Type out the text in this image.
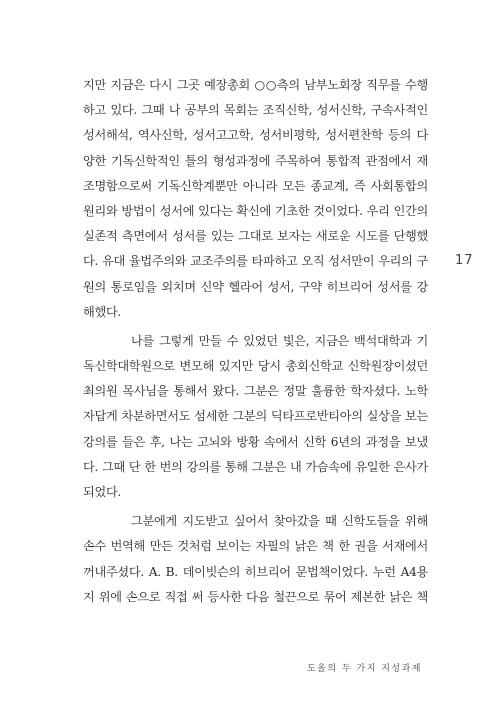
지만 지금은 다시 그곳 예장총회 ○○측의 남부노회장 직무를 수행
하고 있다. 그때 나 공부의 목회는 조직신학, 성서신학, 구속사적인
성서해석, 역사신학, 성서고고학, 성서비평학, 성서편찬학 등의 다
양한 기독신학적인 틀의 형성과정에 주목하여 통합적 관점에서 재
조명함으로써 기독신학계뿐만 아니라 모든 종교계, 즉 사회통합의
원리와 방법이 성서에 있다는 확신에 기초한 것이었다. 우리 인간의
실존적 측면에서 성서를 있는 그대로 보자는 새로운 시도를 단행했
다. 유대 율법주의와 교조주의를 타파하고 오직 성서만이 우리의 구
원의 통로임을 외치며 신약 헬라어 성서, 구약 히브리어 성서를 강
해했다.
나를 그렇게 만들 수 있었던 빛은, 지금은 백석대학과 기
독신학대학원으로 변모해 있지만 당시 총회신학교 신학원장이셨던
최의원 목사님을 통해서 왔다. 그분은 정말 훌륭한 학자셨다. 노학
자답게 차분하면서도 섬세한 그분의 딕타프로반티아의 실상을 보는
강의를 들은 후, 나는 고뇌와 방황 속에서 신학 6년의 과정을 보냈
다. 그때 단 한 번의 강의를 통해 그분은 내 가슴속에 유일한 은사가
되었다.
그분에게 지도받고 싶어서 찾아갔을 때 신학도들을 위해
손수 번역해 만든 것처럼 보이는 자필의 낡은 책 한 권을 서재에서
꺼내주셨다. A. B. 데이빗슨의 히브리어 문법책이었다. 누런 A4용
지 위에 손으로 직접 써 등사한 다음 철끈으로 묶어 제본한 낡은 책
17
도올의 두 가지 지성과제
